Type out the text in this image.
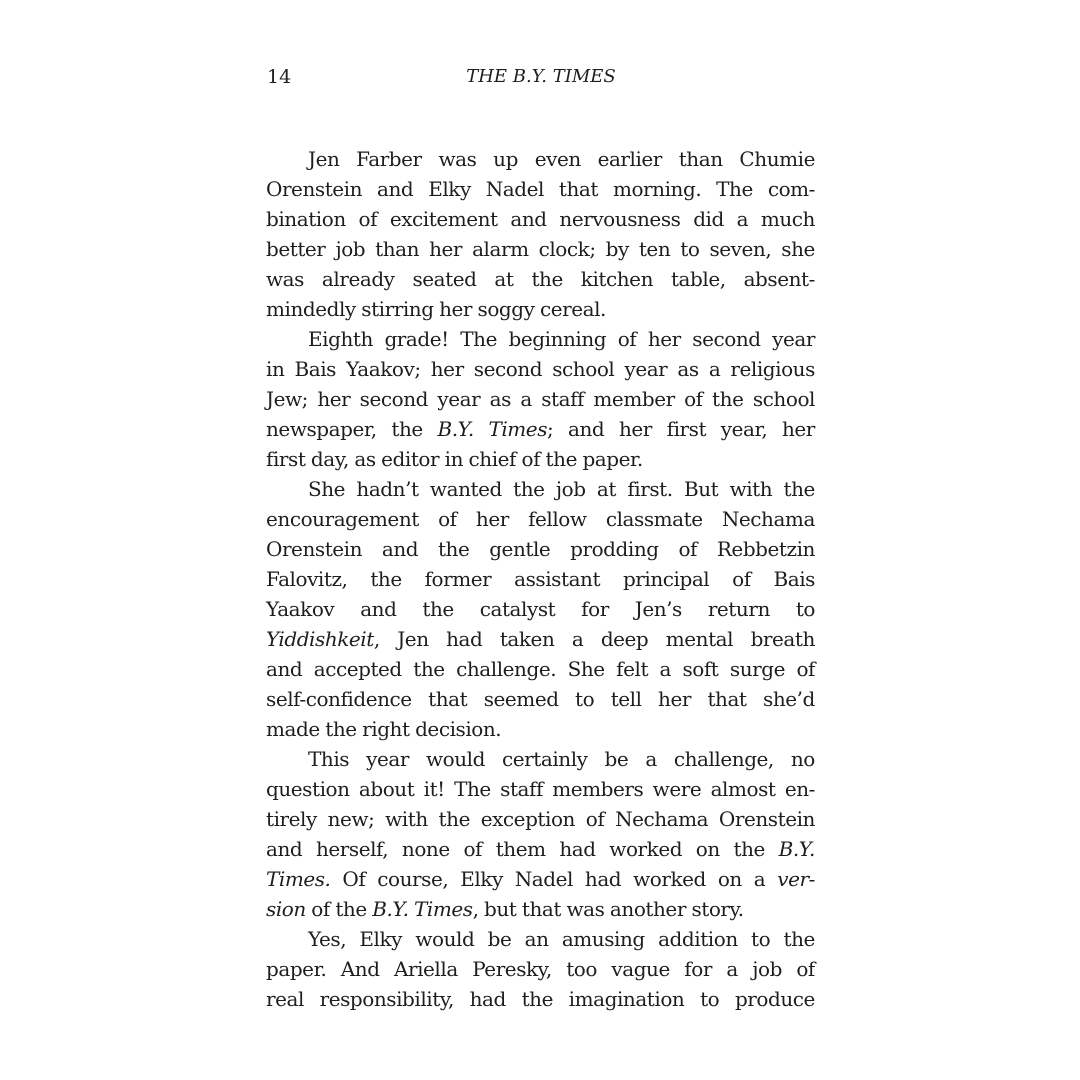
14	THE B.Y. TIMES
Jen Farber was up even earlier than Chumie
Orenstein and Elky Nadel that morning. The com-
bination of excitement and nervousness did a much
better job than her alarm clock; by ten to seven, she
was already seated at the kitchen table, absent-
mindedly stirring her soggy cereal.
Eighth grade! The beginning of her second year
in Bais Yaakov; her second school year as a religious
Jew; her second year as a staff member of the school
newspaper, the B.Y. Times; and her first year, her
first day, as editor in chief of the paper.
She hadn’t wanted the job at first. But with the
encouragement of her fellow classmate Nechama
Orenstein and the gentle prodding of Rebbetzin
Falovitz, the former assistant principal of Bais
Yaakov and the catalyst for Jen’s return to
Yiddishkeit, Jen had taken a deep mental breath
and accepted the challenge. She felt a soft surge of
self-confidence that seemed to tell her that she’d
made the right decision.
This year would certainly be a challenge, no
question about it! The staff members were almost en-
tirely new; with the exception of Nechama Orenstein
and herself, none of them had worked on the B.Y.
Times. Of course, Elky Nadel had worked on a ver-
sion of the B.Y. Times, but that was another story.
Yes, Elky would be an amusing addition to the
paper. And Ariella Peresky, too vague for a job of
real responsibility, had the imagination to produce
